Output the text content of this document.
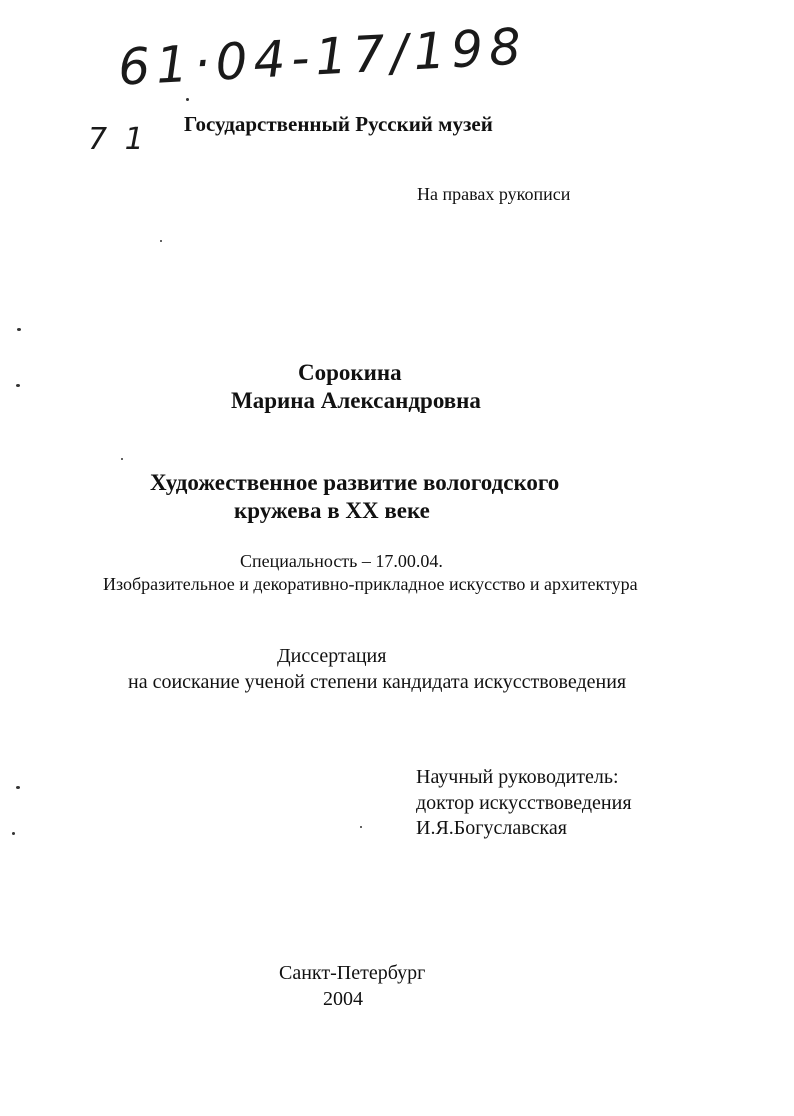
61·04-17/198
7 1 Государственный Русский музей
На правах рукописи
Сорокина
Марина Александровна
Художественное развитие вологодского
кружева в XX веке
Специальность – 17.00.04.
Изобразительное и декоративно-прикладное искусство и архитектура
Диссертация
на соискание ученой степени кандидата искусствоведения
Научный руководитель:
доктор искусствоведения
И.Я.Богуславская
Санкт-Петербург
2004
